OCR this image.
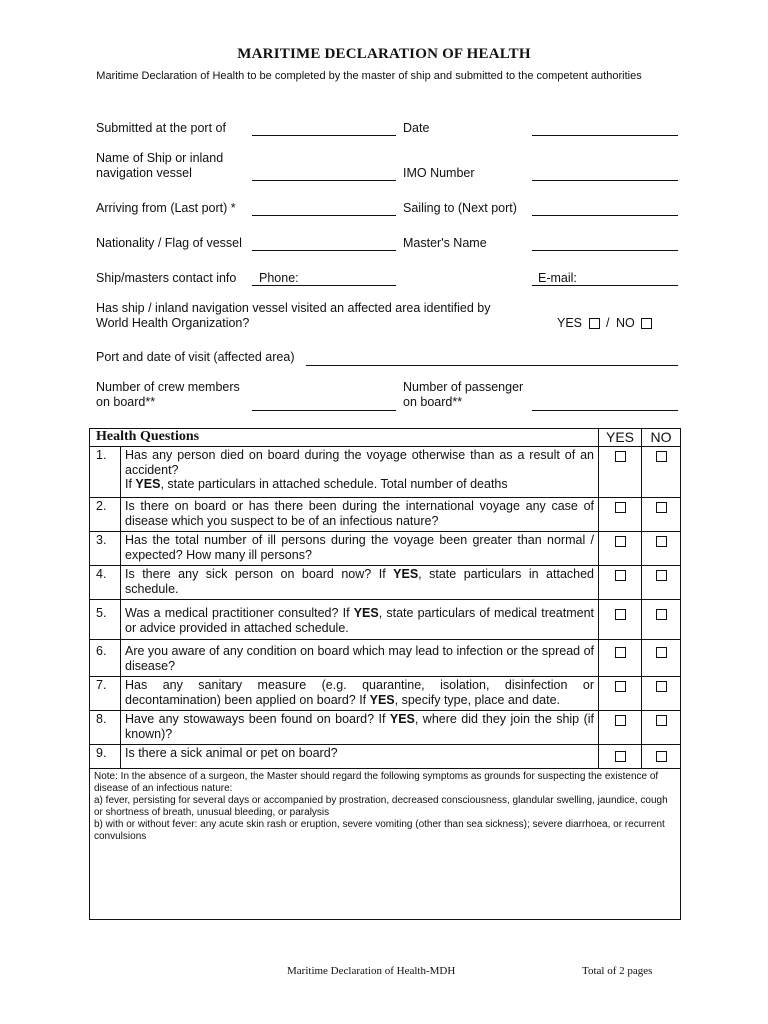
MARITIME DECLARATION OF HEALTH
Maritime Declaration of Health to be completed by the master of ship and submitted to the competent authorities
Submitted at the port of	Date
Name of Ship or inland
navigation vessel	IMO Number
Arriving from (Last port) *	Sailing to (Next port)
Nationality / Flag of vessel	Master's Name
Ship/masters contact info Phone:	E-mail:
Has ship / inland navigation vessel visited an affected area identified by
World Health Organization?	YES / NO
Port and date of visit (affected area)
Number of crew members
on board**
Number of passenger
on board**
Health Questions		YES	NO
1.	Has any person died on board during the voyage otherwise than as a result of an accident?
If YES, state particulars in attached schedule. Total number of deaths		

2.	Is there on board or has there been during the international voyage any case of disease which you suspect to be of an infectious nature?		
3.	Has the total number of ill persons during the voyage been greater than normal / expected? How many ill persons?		
4.	Is there any sick person on board now? If YES, state particulars in attached schedule.		
5.	Was a medical practitioner consulted? If YES, state particulars of medical treatment or advice provided in attached schedule.		
6.	Are you aware of any condition on board which may lead to infection or the spread of disease?		
7.	Has any sanitary measure (e.g. quarantine, isolation, disinfection or decontamination) been applied on board? If YES, specify type, place and date.		
8.	Have any stowaways been found on board? If YES, where did they join the ship (if known)?		
9.	Is there a sick animal or pet on board?		

Note: In the absence of a surgeon, the Master should regard the following symptoms as grounds for suspecting the existence of disease of an infectious nature:
a) fever, persisting for several days or accompanied by prostration, decreased consciousness, glandular swelling, jaundice, cough or shortness of breath, unusual bleeding, or paralysis
b) with or without fever: any acute skin rash or eruption, severe vomiting (other than sea sickness); severe diarrhoea, or recurrent convulsions			
Maritime Declaration of Health-MDH	Total of 2 pages
